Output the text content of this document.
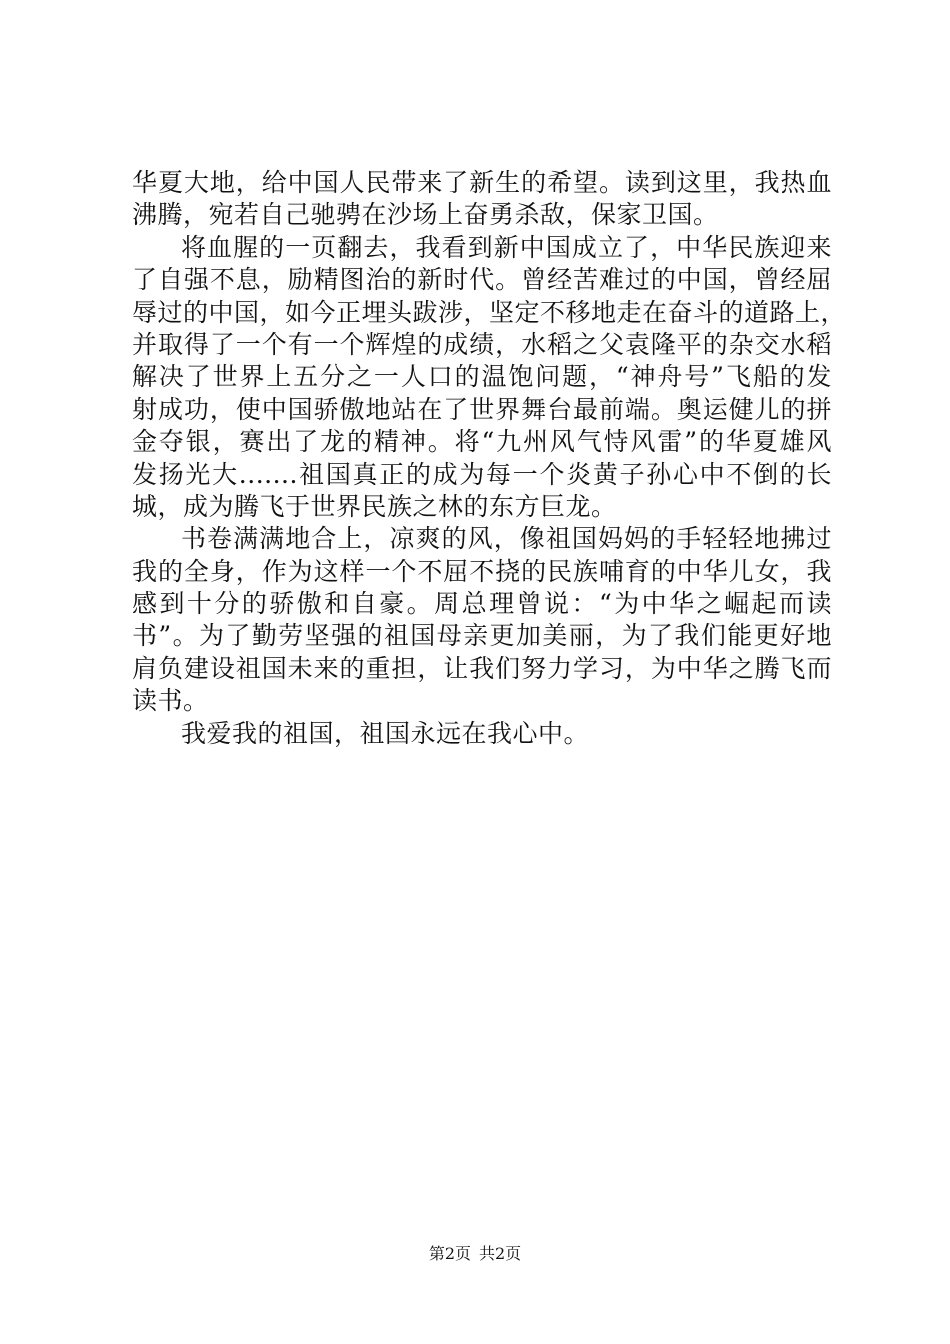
华夏大地，给中国人民带来了新生的希望。读到这里，我热血
沸腾，宛若自己驰骋在沙场上奋勇杀敌，保家卫国。
将血腥的一页翻去，我看到新中国成立了，中华民族迎来
了自强不息，励精图治的新时代。曾经苦难过的中国，曾经屈
辱过的中国，如今正埋头跋涉，坚定不移地走在奋斗的道路上，
并取得了一个有一个辉煌的成绩，水稻之父袁隆平的杂交水稻
解决了世界上五分之一人口的温饱问题，“神舟号”飞船的发
射成功，使中国骄傲地站在了世界舞台最前端。奥运健儿的拼
金夺银，赛出了龙的精神。将“九州风气恃风雷”的华夏雄风
发扬光大.......祖国真正的成为每一个炎黄子孙心中不倒的长
城，成为腾飞于世界民族之林的东方巨龙。
书卷满满地合上，凉爽的风，像祖国妈妈的手轻轻地拂过
我的全身，作为这样一个不屈不挠的民族哺育的中华儿女，我
感到十分的骄傲和自豪。周总理曾说：“为中华之崛起而读
书”。为了勤劳坚强的祖国母亲更加美丽，为了我们能更好地
肩负建设祖国未来的重担，让我们努力学习，为中华之腾飞而
读书。
我爱我的祖国，祖国永远在我心中。
第2页 共2页
